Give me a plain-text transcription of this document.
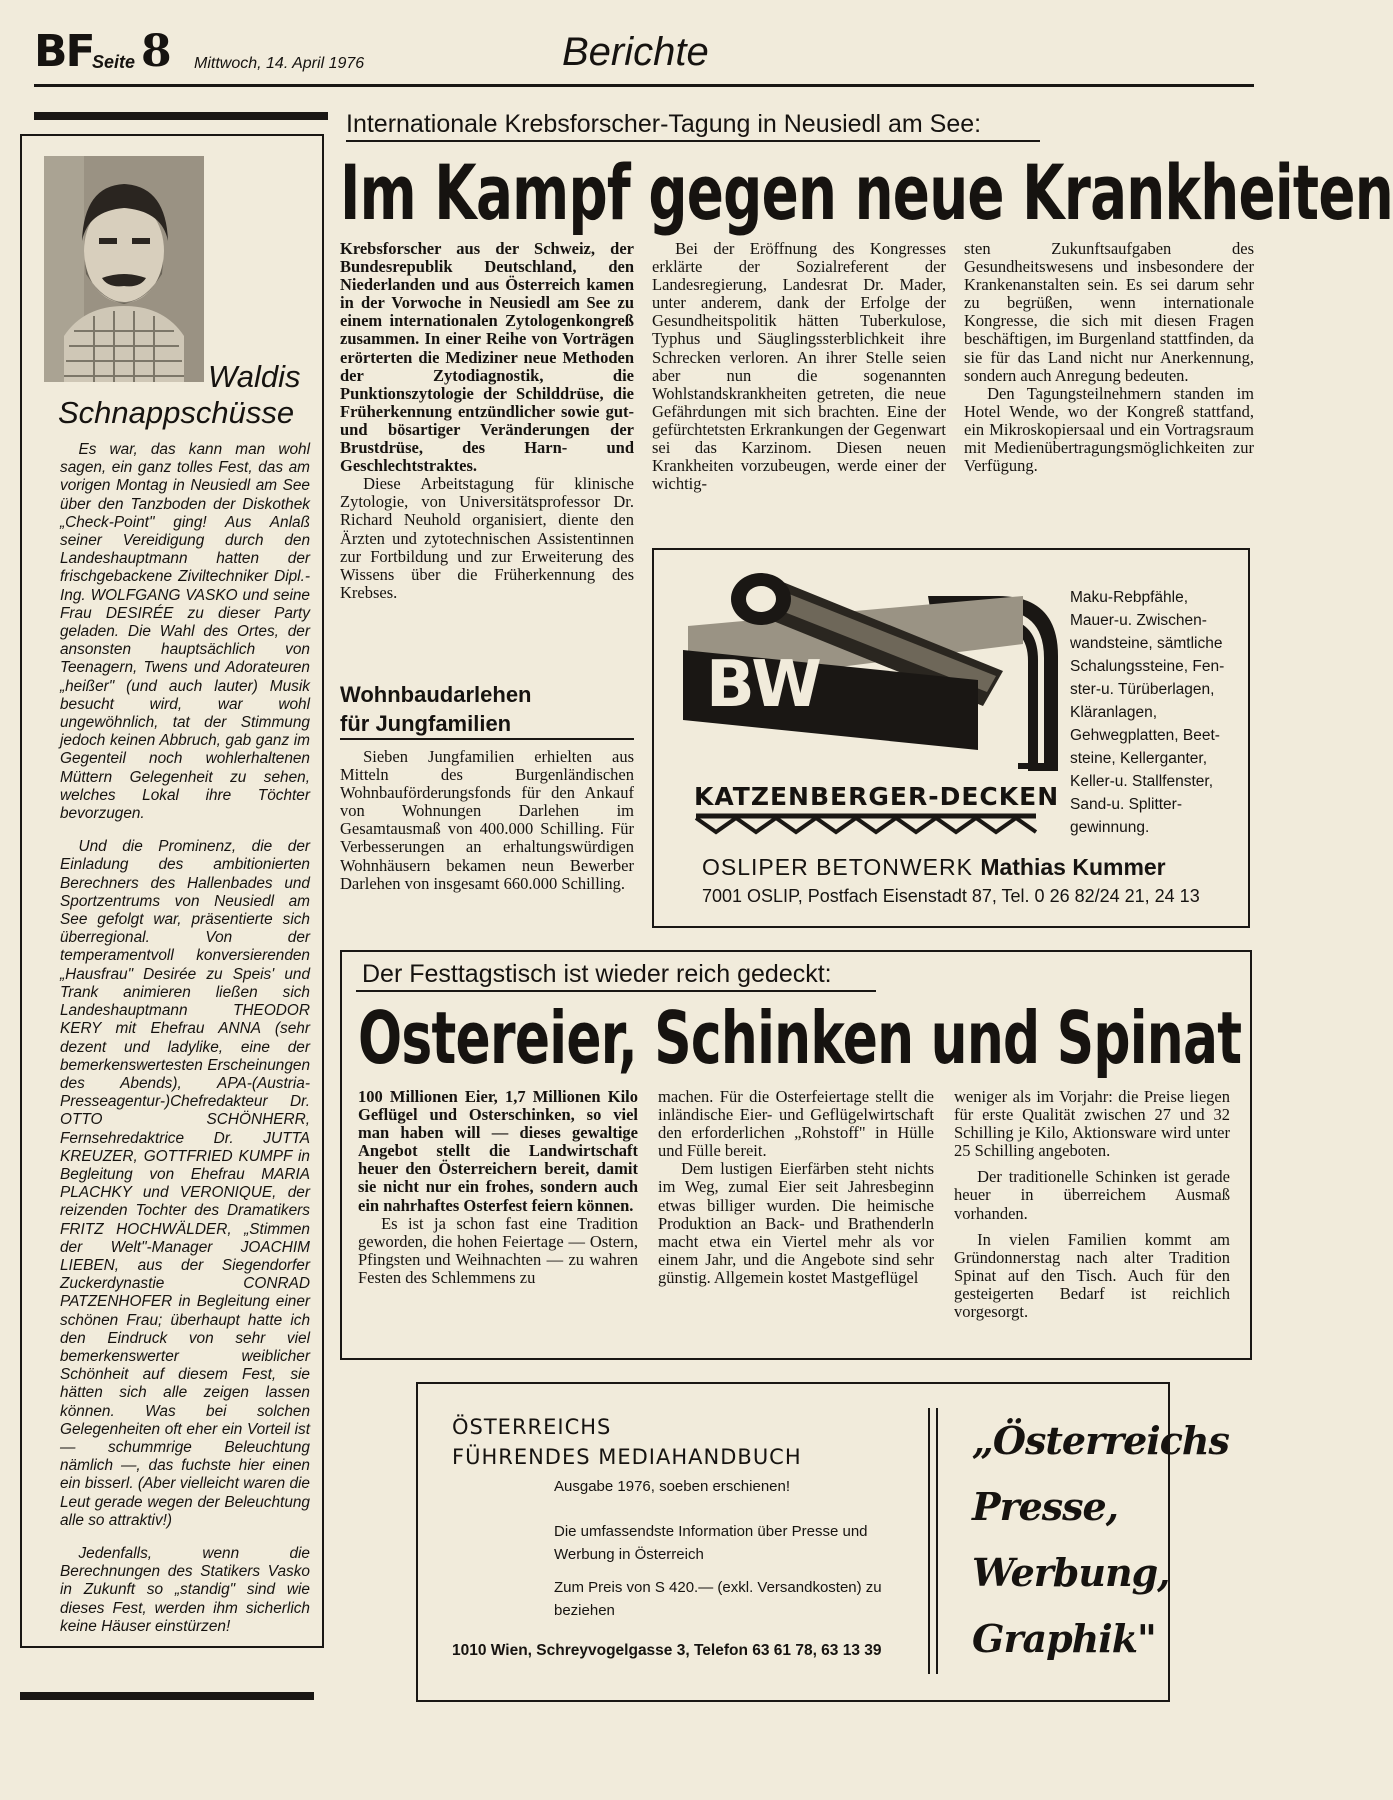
BF
Seite 8 Mittwoch, 14. April 1976	Berichte
Waldis
Schnappschüsse

Es war, das kann man wohl sagen, ein ganz tolles Fest, das am vorigen Montag in Neusiedl am See über den Tanzboden der Diskothek „Check-Point" ging! Aus Anlaß seiner Vereidigung durch den Landeshauptmann hatten der frischgebackene Ziviltechniker Dipl.-Ing. WOLFGANG VASKO und seine Frau DESIRÉE zu dieser Party geladen. Die Wahl des Ortes, der ansonsten hauptsächlich von Teenagern, Twens und Adorateuren „heißer" (und auch lauter) Musik besucht wird, war wohl ungewöhnlich, tat der Stimmung jedoch keinen Abbruch, gab ganz im Gegenteil noch wohlerhaltenen Müttern Gelegenheit zu sehen, welches Lokal ihre Töchter bevorzugen.

Und die Prominenz, die der Einladung des ambitionierten Berechners des Hallenbades und Sportzentrums von Neusiedl am See gefolgt war, präsentierte sich überregional. Von der temperamentvoll konversierenden „Hausfrau" Desirée zu Speis' und Trank animieren ließen sich Landeshauptmann THEODOR KERY mit Ehefrau ANNA (sehr dezent und ladylike, eine der bemerkenswertesten Erscheinungen des Abends), APA-(Austria-Presseagentur-)Chefredakteur Dr. OTTO SCHÖNHERR, Fernsehredaktrice Dr. JUTTA KREUZER, GOTTFRIED KUMPF in Begleitung von Ehefrau MARIA PLACHKY und VERONIQUE, der reizenden Tochter des Dramatikers FRITZ HOCHWÄLDER, „Stimmen der Welt"-Manager JOACHIM LIEBEN, aus der Siegendorfer Zuckerdynastie CONRAD PATZENHOFER in Begleitung einer schönen Frau; überhaupt hatte ich den Eindruck von sehr viel bemerkenswerter weiblicher Schönheit auf diesem Fest, sie hätten sich alle zeigen lassen können. Was bei solchen Gelegenheiten oft eher ein Vorteil ist — schummrige Beleuchtung nämlich —, das fuchste hier einen ein bisserl. (Aber vielleicht waren die Leut gerade wegen der Beleuchtung alle so attraktiv!)

Jedenfalls, wenn die Berechnungen des Statikers Vasko in Zukunft so „standig" sind wie dieses Fest, werden ihm sicherlich keine Häuser einstürzen!

Internationale Krebsforscher-Tagung in Neusiedl am See:
Im Kampf gegen neue Krankheiten

Krebsforscher aus der Schweiz, der Bundesrepublik Deutschland, den Niederlanden und aus Österreich kamen in der Vorwoche in Neusiedl am See zu einem internationalen Zytologenkongreß zusammen. In einer Reihe von Vorträgen erörterten die Mediziner neue Methoden der Zytodiagnostik, die Punktionszytologie der Schilddrüse, die Früherkennung entzündlicher sowie gut- und bösartiger Veränderungen der Brustdrüse, des Harn- und Geschlechtstraktes.

Diese Arbeitstagung für klinische Zytologie, von Universitätsprofessor Dr. Richard Neuhold organisiert, diente den Ärzten und zytotechnischen Assistentinnen zur Fortbildung und zur Erweiterung des Wissens über die Früherkennung des Krebses.

Bei der Eröffnung des Kongresses erklärte der Sozialreferent der Landesregierung, Landesrat Dr. Mader, unter anderem, dank der Erfolge der Gesundheitspolitik hätten Tuberkulose, Typhus und Säuglingssterblichkeit ihre Schrecken verloren. An ihrer Stelle seien aber nun die sogenannten Wohlstandskrankheiten getreten, die neue Gefährdungen mit sich brachten. Eine der gefürchtetsten Erkrankungen der Gegenwart sei das Karzinom. Diesen neuen Krankheiten vorzubeugen, werde einer der wichtig-

sten Zukunftsaufgaben des Gesundheitswesens und insbesondere der Krankenanstalten sein. Es sei darum sehr zu begrüßen, wenn internationale Kongresse, die sich mit diesen Fragen beschäftigen, im Burgenland stattfinden, da sie für das Land nicht nur Anerkennung, sondern auch Anregung bedeuten.

Den Tagungsteilnehmern standen im Hotel Wende, wo der Kongreß stattfand, ein Mikroskopiersaal und ein Vortragsraum mit Medienübertragungsmöglichkeiten zur Verfügung.

Wohnbaudarlehen
für Jungfamilien

Sieben Jungfamilien erhielten aus Mitteln des Burgenländischen Wohnbauförderungsfonds für den Ankauf von Wohnungen Darlehen im Gesamtausmaß von 400.000 Schilling. Für Verbesserungen an erhaltungswürdigen Wohnhäusern bekamen neun Bewerber Darlehen von insgesamt 660.000 Schilling.

BW
Maku-Rebpfähle,
Mauer-u. Zwischen-
wandsteine, sämtliche
Schalungssteine, Fen-
ster-u. Türüberlagen,
Kläranlagen,
Gehwegplatten, Beet-
steine, Kellerganter,
Keller-u. Stallfenster,
Sand-u. Splitter-
gewinnung.
KATZENBERGER-DECKEN
OSLIPER BETONWERK Mathias Kummer
7001 OSLIP, Postfach Eisenstadt 87, Tel. 0 26 82/24 21, 24 13
Der Festtagstisch ist wieder reich gedeckt:
Ostereier, Schinken und Spinat

100 Millionen Eier, 1,7 Millionen Kilo Geflügel und Osterschinken, so viel man haben will — dieses gewaltige Angebot stellt die Landwirtschaft heuer den Österreichern bereit, damit sie nicht nur ein frohes, sondern auch ein nahrhaftes Osterfest feiern können.

Es ist ja schon fast eine Tradition geworden, die hohen Feiertage — Ostern, Pfingsten und Weihnachten — zu wahren Festen des Schlemmens zu

machen. Für die Osterfeiertage stellt die inländische Eier- und Geflügelwirtschaft den erforderlichen „Rohstoff" in Hülle und Fülle bereit.

Dem lustigen Eierfärben steht nichts im Weg, zumal Eier seit Jahresbeginn etwas billiger wurden. Die heimische Produktion an Back- und Brathenderln macht etwa ein Viertel mehr als vor einem Jahr, und die Angebote sind sehr günstig. Allgemein kostet Mastgeflügel

weniger als im Vorjahr: die Preise liegen für erste Qualität zwischen 27 und 32 Schilling je Kilo, Aktionsware wird unter 25 Schilling angeboten.

Der traditionelle Schinken ist gerade heuer in überreichem Ausmaß vorhanden.

In vielen Familien kommt am Gründonnerstag nach alter Tradition Spinat auf den Tisch. Auch für den gesteigerten Bedarf ist reichlich vorgesorgt.

ÖSTERREICHS
FÜHRENDES MEDIAHANDBUCH
Ausgabe 1976, soeben erschienen!
Die umfassendste Information über Presse und Werbung in Österreich
Zum Preis von S 420.— (exkl. Versandkosten) zu beziehen
1010 Wien, Schreyvogelgasse 3, Telefon 63 61 78, 63 13 39
„Österreichs
Presse,
Werbung,
Graphik"
